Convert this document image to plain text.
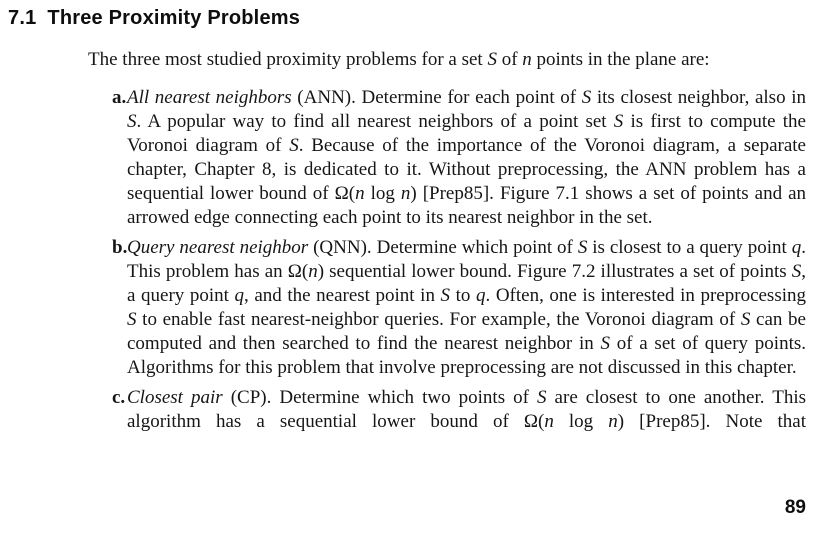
7.1 Three Proximity Problems

The three most studied proximity problems for a set S of n points in the plane are:

a. All nearest neighbors (ANN). Determine for each point of S its closest neighbor, also in S. A popular way to find all nearest neighbors of a point set S is first to compute the Voronoi diagram of S. Because of the importance of the Voronoi diagram, a separate chapter, Chapter 8, is dedicated to it. Without preprocessing, the ANN problem has a sequential lower bound of Ω(n log n) [Prep85]. Figure 7.1 shows a set of points and an arrowed edge connecting each point to its nearest neighbor in the set.
b. Query nearest neighbor (QNN). Determine which point of S is closest to a query point q. This problem has an Ω(n) sequential lower bound. Figure 7.2 illustrates a set of points S, a query point q, and the nearest point in S to q. Often, one is interested in preprocessing S to enable fast nearest-neighbor queries. For example, the Voronoi diagram of S can be computed and then searched to find the nearest neighbor in S of a set of query points. Algorithms for this problem that involve preprocessing are not discussed in this chapter.
c. Closest pair (CP). Determine which two points of S are closest to one another. This algorithm has a sequential lower bound of Ω(n log n) [Prep85]. Note that
89
